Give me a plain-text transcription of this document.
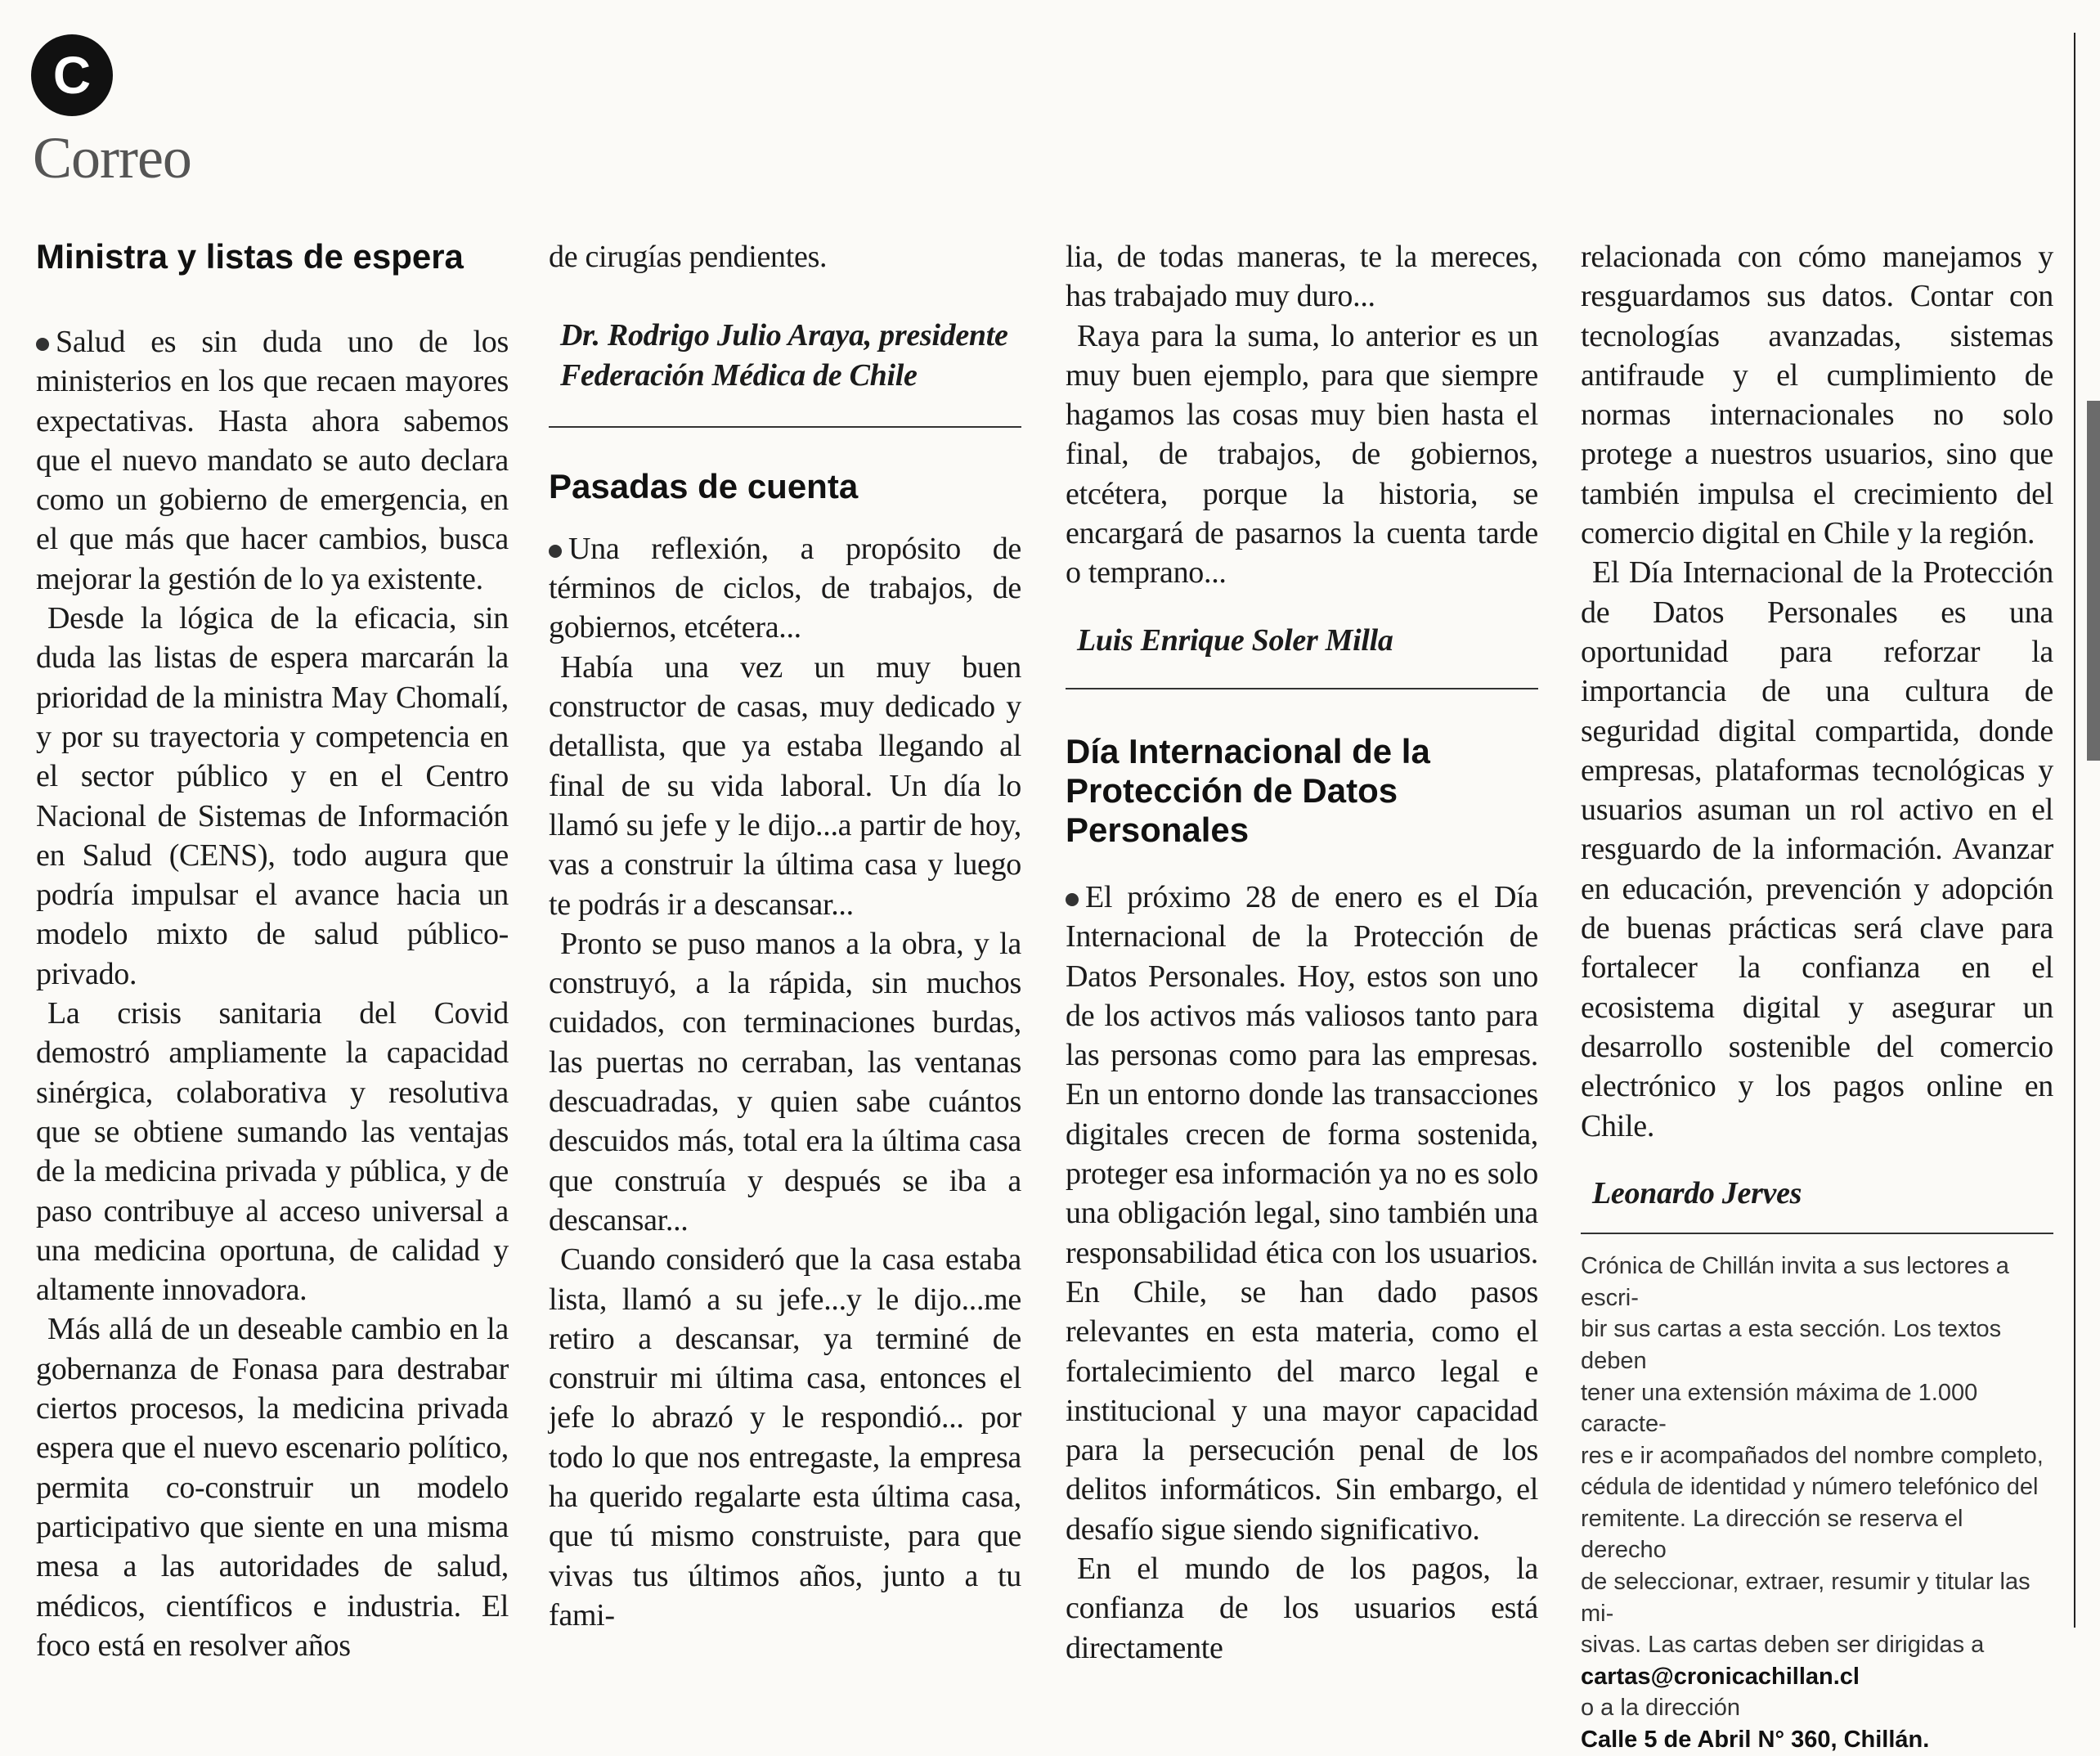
C
Correo
Ministra y listas de espera

Salud es sin duda uno de los ministerios en los que recaen mayores expectativas. Hasta ahora sabemos que el nuevo mandato se auto declara como un gobierno de emergencia, en el que más que hacer cambios, busca mejorar la gestión de lo ya existente.

Desde la lógica de la eficacia, sin duda las listas de espera marcarán la prioridad de la ministra May Chomalí, y por su trayectoria y competencia en el sector público y en el Centro Nacional de Sistemas de Información en Salud (CENS), todo augura que podría impulsar el avance hacia un modelo mixto de salud público-privado.

La crisis sanitaria del Covid demostró ampliamente la capacidad sinérgica, colaborativa y resolutiva que se obtiene sumando las ventajas de la medicina privada y pública, y de paso contribuye al acceso universal a una medicina oportuna, de calidad y altamente innovadora.

Más allá de un deseable cambio en la gobernanza de Fonasa para destrabar ciertos procesos, la medicina privada espera que el nuevo escenario político, permita co-construir un modelo participativo que siente en una misma mesa a las autoridades de salud, médicos, científicos e industria. El foco está en resolver años

de cirugías pendientes.

Dr. Rodrigo Julio Araya, presidente

Federación Médica de Chile

Pasadas de cuenta

Una reflexión, a propósito de términos de ciclos, de trabajos, de gobiernos, etcétera...

Había una vez un muy buen constructor de casas, muy dedicado y detallista, que ya estaba llegando al final de su vida laboral. Un día lo llamó su jefe y le dijo...a partir de hoy, vas a construir la última casa y luego te podrás ir a descansar...

Pronto se puso manos a la obra, y la construyó, a la rápida, sin muchos cuidados, con terminaciones burdas, las puertas no cerraban, las ventanas descuadradas, y quien sabe cuántos descuidos más, total era la última casa que construía y después se iba a descansar...

Cuando consideró que la casa estaba lista, llamó a su jefe...y le dijo...me retiro a descansar, ya terminé de construir mi última casa, entonces el jefe lo abrazó y le respondió... por todo lo que nos entregaste, la empresa ha querido regalarte esta última casa, que tú mismo construiste, para que vivas tus últimos años, junto a tu fami-

lia, de todas maneras, te la mereces, has trabajado muy duro...

Raya para la suma, lo anterior es un muy buen ejemplo, para que siempre hagamos las cosas muy bien hasta el final, de trabajos, de gobiernos, etcétera, porque la historia, se encargará de pasarnos la cuenta tarde o temprano...

Luis Enrique Soler Milla

Día Internacional de la Protección de Datos Personales

El próximo 28 de enero es el Día Internacional de la Protección de Datos Personales. Hoy, estos son uno de los activos más valiosos tanto para las personas como para las empresas. En un entorno donde las transacciones digitales crecen de forma sostenida, proteger esa información ya no es solo una obligación legal, sino también una responsabilidad ética con los usuarios. En Chile, se han dado pasos relevantes en esta materia, como el fortalecimiento del marco legal e institucional y una mayor capacidad para la persecución penal de los delitos informáticos. Sin embargo, el desafío sigue siendo significativo.

En el mundo de los pagos, la confianza de los usuarios está directamente

relacionada con cómo manejamos y resguardamos sus datos. Contar con tecnologías avanzadas, sistemas antifraude y el cumplimiento de normas internacionales no solo protege a nuestros usuarios, sino que también impulsa el crecimiento del comercio digital en Chile y la región.

El Día Internacional de la Protección de Datos Personales es una oportunidad para reforzar la importancia de una cultura de seguridad digital compartida, donde empresas, plataformas tecnológicas y usuarios asuman un rol activo en el resguardo de la información. Avanzar en educación, prevención y adopción de buenas prácticas será clave para fortalecer la confianza en el ecosistema digital y asegurar un desarrollo sostenible del comercio electrónico y los pagos online en Chile.

Leonardo Jerves

Crónica de Chillán invita a sus lectores a escri-
bir sus cartas a esta sección. Los textos deben
tener una extensión máxima de 1.000 caracte-
res e ir acompañados del nombre completo,
cédula de identidad y número telefónico del
remitente. La dirección se reserva el derecho
de seleccionar, extraer, resumir y titular las mi-
sivas. Las cartas deben ser dirigidas a
cartas@cronicachillan.cl
o a la dirección
Calle 5 de Abril N° 360, Chillán.
